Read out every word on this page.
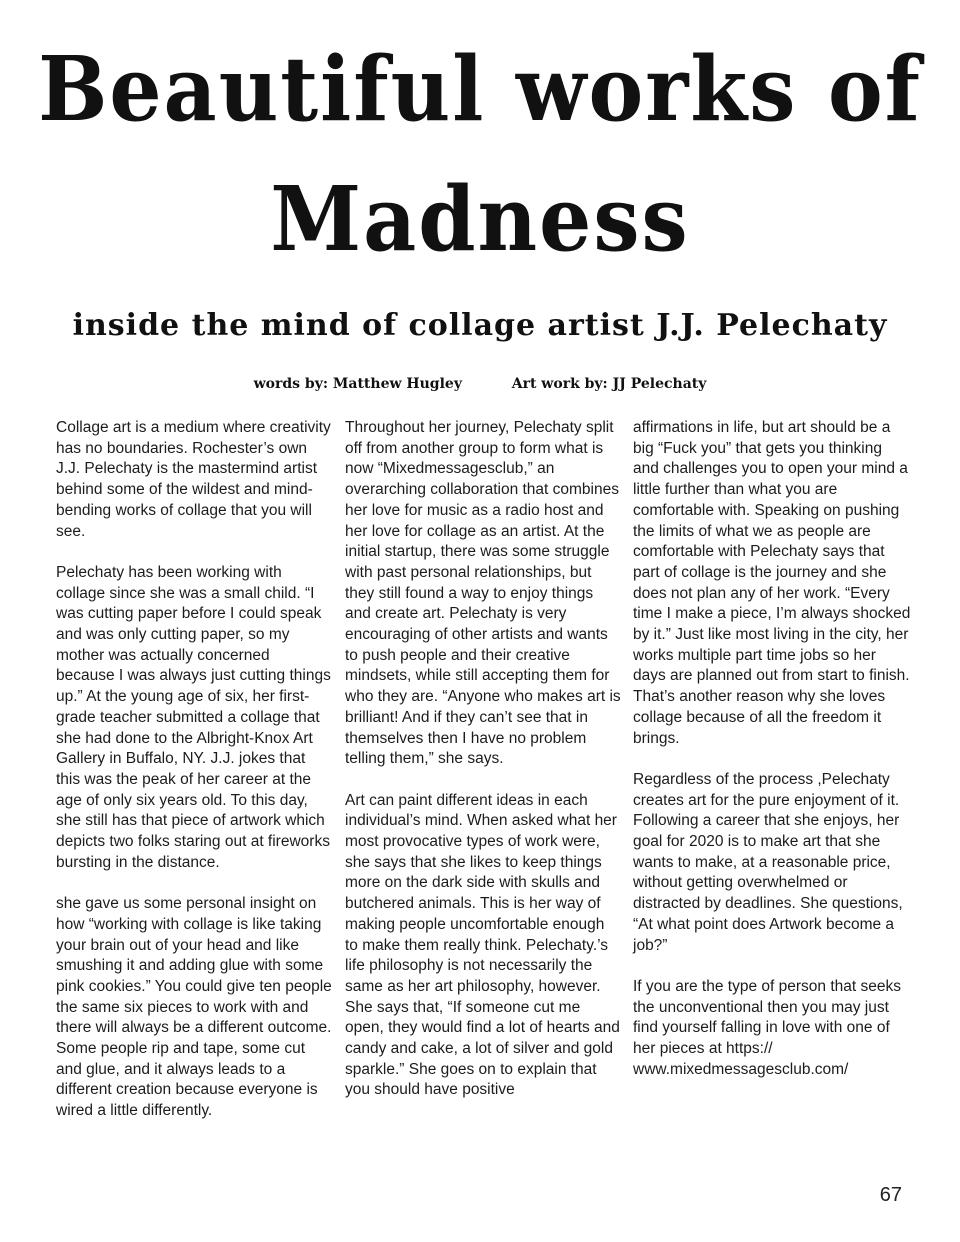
Beautiful works of
Madness
inside the mind of collage artist J.J. Pelechaty
words by: Matthew Hugley	Art work by: JJ Pelechaty

Collage art is a medium where creativity has no boundaries. Rochester’s own J.J. Pelechaty is the mastermind artist behind some of the wildest and mind-bending works of collage that you will see.

Pelechaty has been working with collage since she was a small child. “I was cutting paper before I could speak and was only cutting paper, so my mother was actually concerned because I was always just cutting things up.” At the young age of six, her first-grade teacher submitted a collage that she had done to the Albright-Knox Art Gallery in Buffalo, NY. J.J. jokes that this was the peak of her career at the age of only six years old. To this day, she still has that piece of artwork which depicts two folks staring out at fireworks bursting in the distance.

she gave us some personal insight on how “working with collage is like taking your brain out of your head and like smushing it and adding glue with some pink cookies.” You could give ten people the same six pieces to work with and there will always be a different outcome. Some people rip and tape, some cut and glue, and it always leads to a different creation because everyone is wired a little differently.

Throughout her journey, Pelechaty split off from another group to form what is now “Mixedmessagesclub,” an overarching collaboration that combines her love for music as a radio host and her love for collage as an artist. At the initial startup, there was some struggle with past personal relationships, but they still found a way to enjoy things and create art. Pelechaty is very encouraging of other artists and wants to push people and their creative mindsets, while still accepting them for who they are. “Anyone who makes art is brilliant! And if they can’t see that in themselves then I have no problem telling them,” she says.

Art can paint different ideas in each individual’s mind. When asked what her most provocative types of work were, she says that she likes to keep things more on the dark side with skulls and butchered animals. This is her way of making people uncomfortable enough to make them really think. Pelechaty.’s life philosophy is not necessarily the same as her art philosophy, however. She says that, “If someone cut me open, they would find a lot of hearts and candy and cake, a lot of silver and gold sparkle.” She goes on to explain that you should have positive

affirmations in life, but art should be a big “Fuck you” that gets you thinking and challenges you to open your mind a little further than what you are comfortable with. Speaking on pushing the limits of what we as people are comfortable with Pelechaty says that part of collage is the journey and she does not plan any of her work. “Every time I make a piece, I’m always shocked by it.” Just like most living in the city, her works multiple part time jobs so her days are planned out from start to finish. That’s another reason why she loves collage because of all the freedom it brings.

Regardless of the process ,Pelechaty creates art for the pure enjoyment of it. Following a career that she enjoys, her goal for 2020 is to make art that she wants to make, at a reasonable price, without getting overwhelmed or distracted by deadlines. She questions, “At what point does Artwork become a job?”

If you are the type of person that seeks the unconventional then you may just find yourself falling in love with one of her pieces at https:// www.mixedmessagesclub.com/

67
